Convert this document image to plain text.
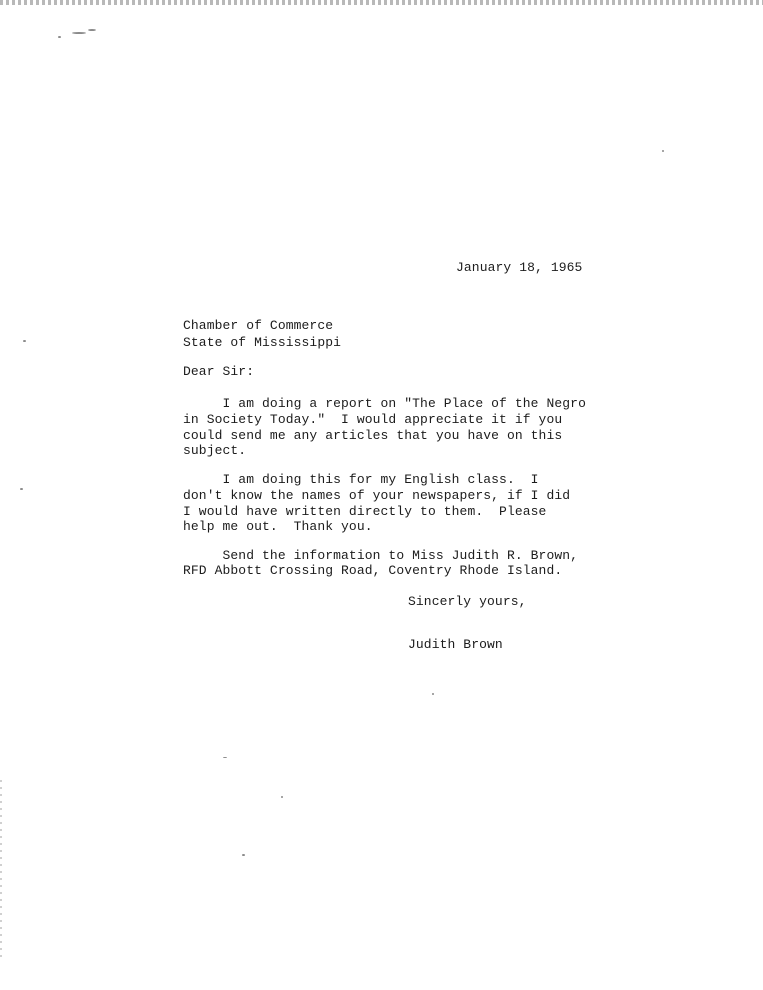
January 18, 1965
Chamber of Commerce
State of Mississippi
Dear Sir:
I am doing a report on "The Place of the Negro
in Society Today."  I would appreciate it if you
could send me any articles that you have on this
subject.
I am doing this for my English class.  I
don't know the names of your newspapers, if I did
I would have written directly to them.  Please
help me out.  Thank you.
Send the information to Miss Judith R. Brown,
RFD Abbott Crossing Road, Coventry Rhode Island.
Sincerly yours,
Judith Brown
